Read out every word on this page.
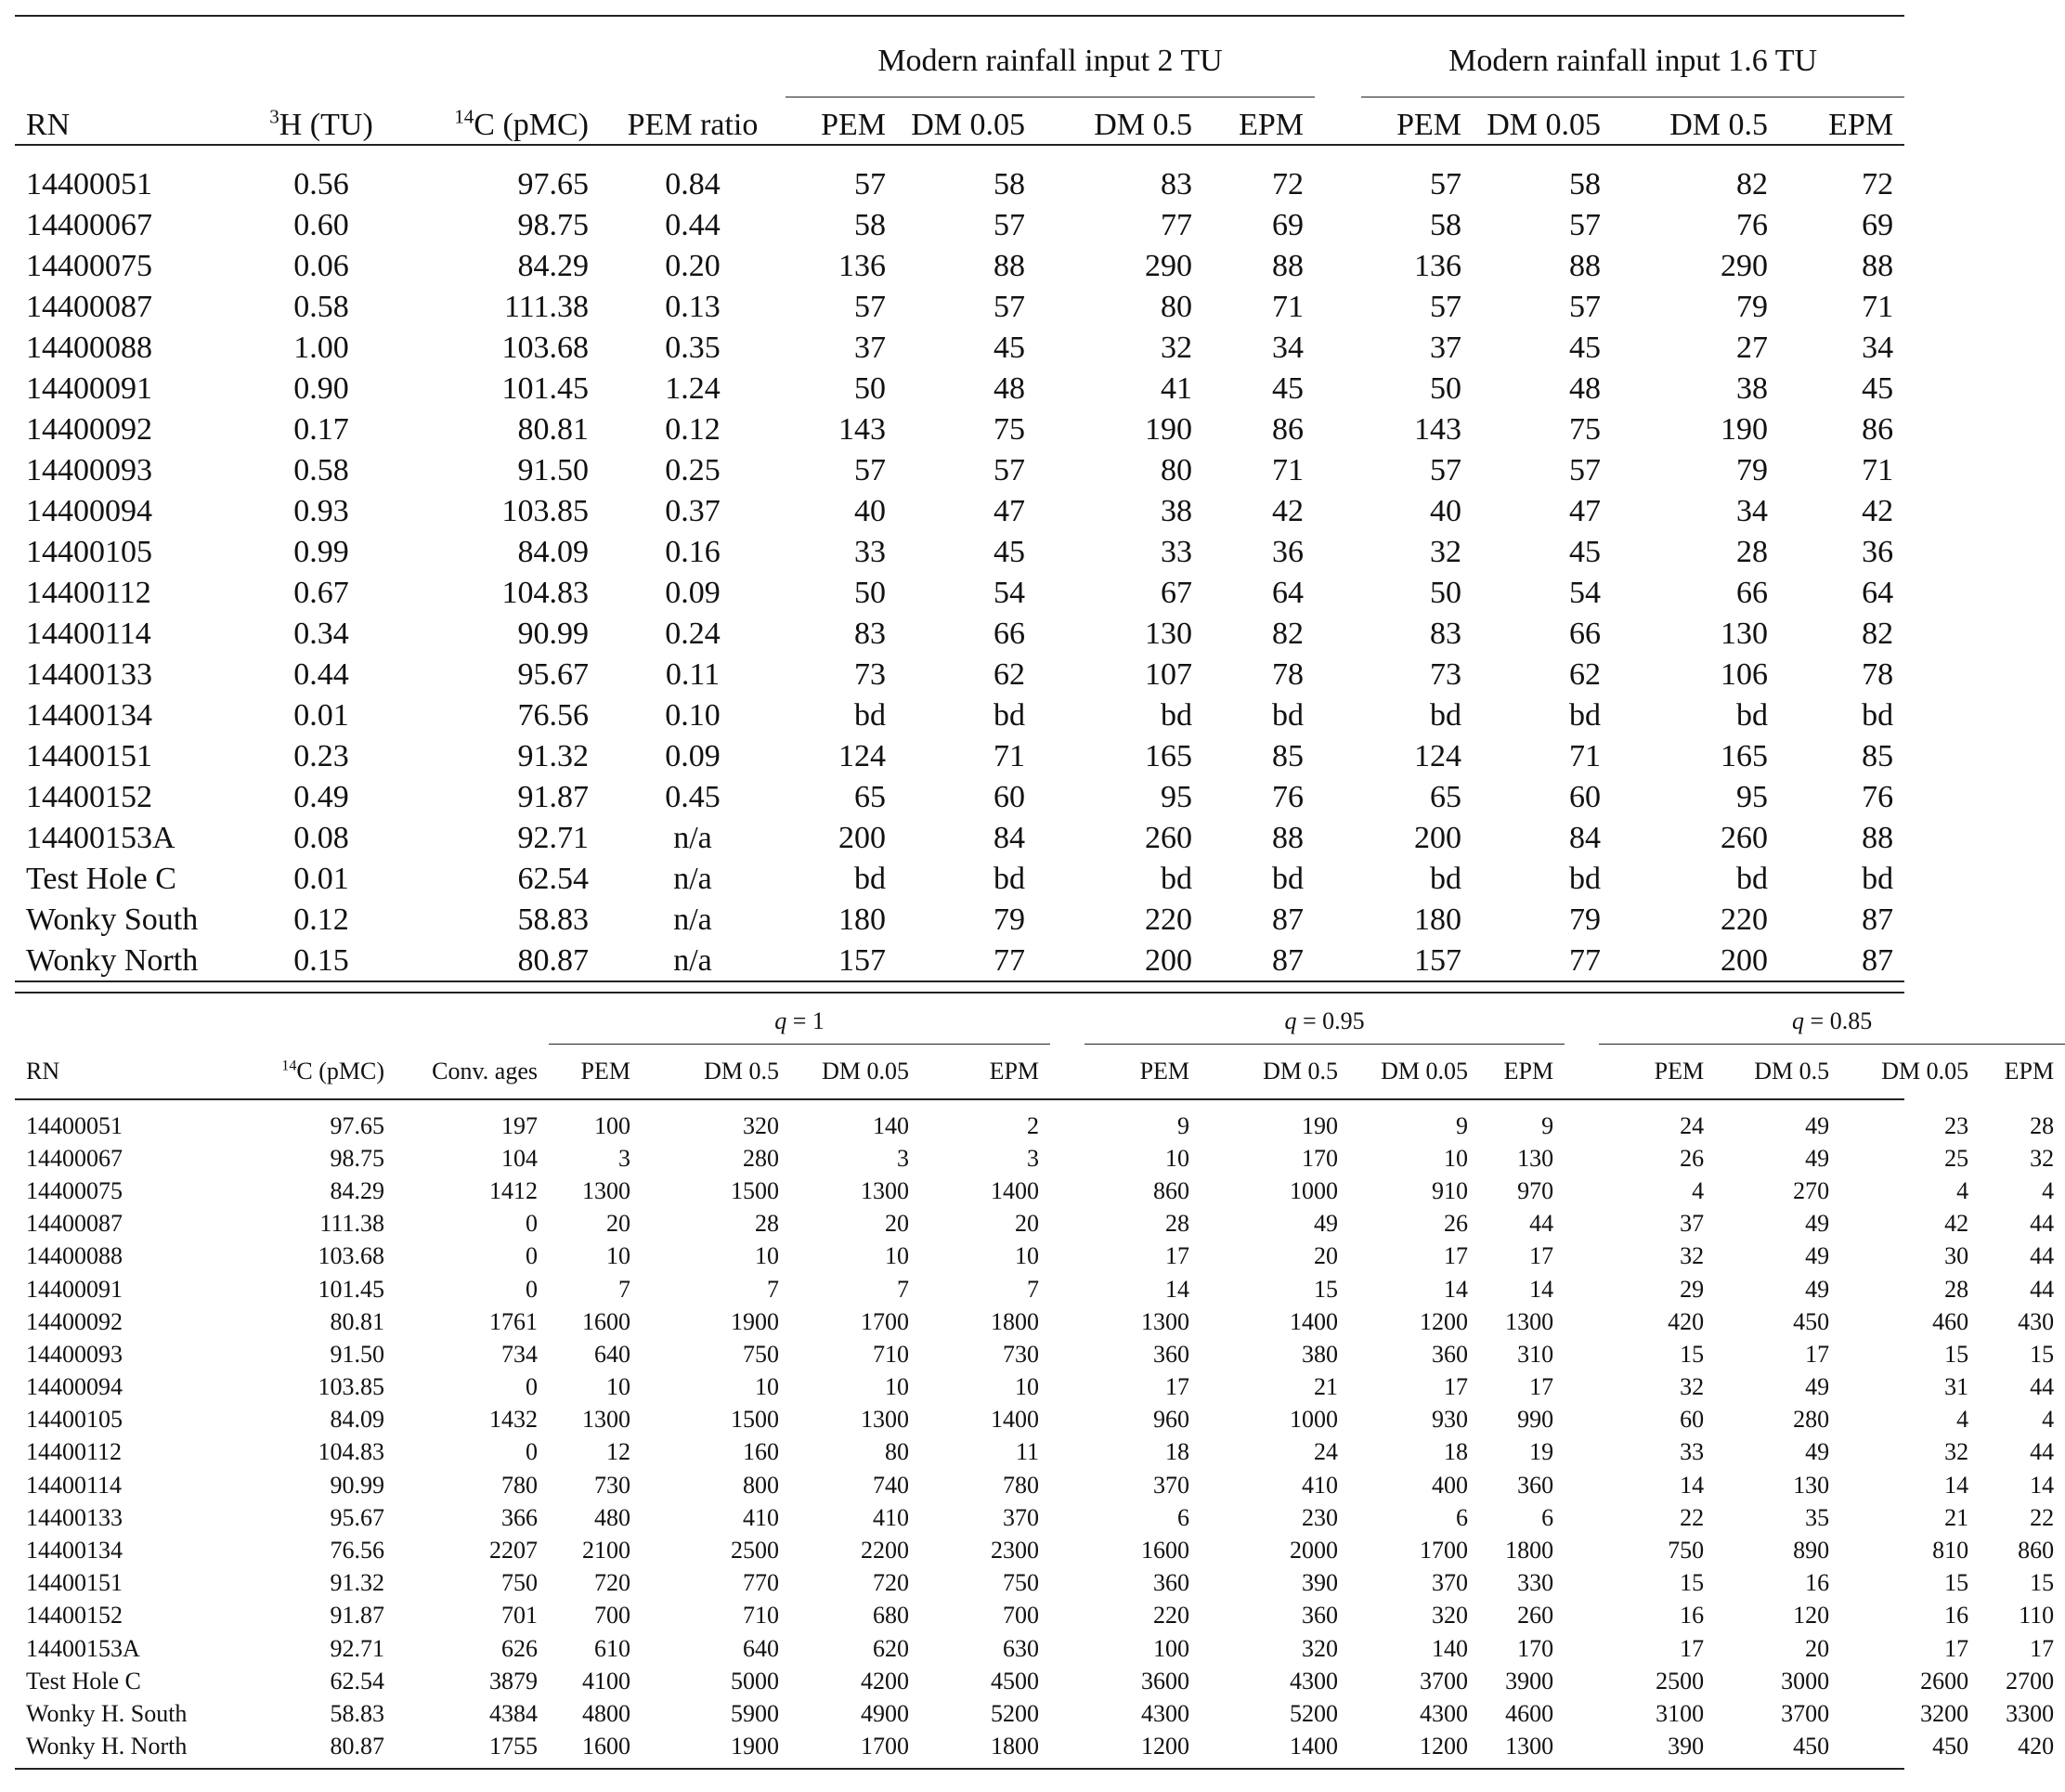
				Modern rainfall input 2 TU					Modern rainfall input 1.6 TU			
RN	$^3$H (TU)	$^{14}$C (pMC)	PEM ratio	PEM	DM 0.05	DM 0.5	EPM		PEM	DM 0.05	DM 0.5	EPM

14400051	0.56	97.65	0.84	57	58	83	72		57	58	82	72
14400067	0.60	98.75	0.44	58	57	77	69		58	57	76	69
14400075	0.06	84.29	0.20	136	88	290	88		136	88	290	88
14400087	0.58	111.38	0.13	57	57	80	71		57	57	79	71
14400088	1.00	103.68	0.35	37	45	32	34		37	45	27	34
14400091	0.90	101.45	1.24	50	48	41	45		50	48	38	45
14400092	0.17	80.81	0.12	143	75	190	86		143	75	190	86
14400093	0.58	91.50	0.25	57	57	80	71		57	57	79	71
14400094	0.93	103.85	0.37	40	47	38	42		40	47	34	42
14400105	0.99	84.09	0.16	33	45	33	36		32	45	28	36
14400112	0.67	104.83	0.09	50	54	67	64		50	54	66	64
14400114	0.34	90.99	0.24	83	66	130	82		83	66	130	82
14400133	0.44	95.67	0.11	73	62	107	78		73	62	106	78
14400134	0.01	76.56	0.10	bd	bd	bd	bd		bd	bd	bd	bd
14400151	0.23	91.32	0.09	124	71	165	85		124	71	165	85
14400152	0.49	91.87	0.45	65	60	95	76		65	60	95	76
14400153A	0.08	92.71	n/a	200	84	260	88		200	84	260	88
Test Hole C	0.01	62.54	n/a	bd	bd	bd	bd		bd	bd	bd	bd
Wonky South	0.12	58.83	n/a	180	79	220	87		180	79	220	87
Wonky North	0.15	80.87	n/a	157	77	200	87		157	77	200	87
			q = 1					q = 0.95					q = 0.85			
RN	$^{14}$C (pMC)	Conv. ages	PEM	DM 0.5	DM 0.05	EPM		PEM	DM 0.5	DM 0.05	EPM		PEM	DM 0.5	DM 0.05	EPM

14400051	97.65	197	100	320	140	2		9	190	9	9		24	49	23	28
14400067	98.75	104	3	280	3	3		10	170	10	130		26	49	25	32
14400075	84.29	1412	1300	1500	1300	1400		860	1000	910	970		4	270	4	4
14400087	111.38	0	20	28	20	20		28	49	26	44		37	49	42	44
14400088	103.68	0	10	10	10	10		17	20	17	17		32	49	30	44
14400091	101.45	0	7	7	7	7		14	15	14	14		29	49	28	44
14400092	80.81	1761	1600	1900	1700	1800		1300	1400	1200	1300		420	450	460	430
14400093	91.50	734	640	750	710	730		360	380	360	310		15	17	15	15
14400094	103.85	0	10	10	10	10		17	21	17	17		32	49	31	44
14400105	84.09	1432	1300	1500	1300	1400		960	1000	930	990		60	280	4	4
14400112	104.83	0	12	160	80	11		18	24	18	19		33	49	32	44
14400114	90.99	780	730	800	740	780		370	410	400	360		14	130	14	14
14400133	95.67	366	480	410	410	370		6	230	6	6		22	35	21	22
14400134	76.56	2207	2100	2500	2200	2300		1600	2000	1700	1800		750	890	810	860
14400151	91.32	750	720	770	720	750		360	390	370	330		15	16	15	15
14400152	91.87	701	700	710	680	700		220	360	320	260		16	120	16	110
14400153A	92.71	626	610	640	620	630		100	320	140	170		17	20	17	17
Test Hole C	62.54	3879	4100	5000	4200	4500		3600	4300	3700	3900		2500	3000	2600	2700
Wonky H. South	58.83	4384	4800	5900	4900	5200		4300	5200	4300	4600		3100	3700	3200	3300
Wonky H. North	80.87	1755	1600	1900	1700	1800		1200	1400	1200	1300		390	450	450	420
